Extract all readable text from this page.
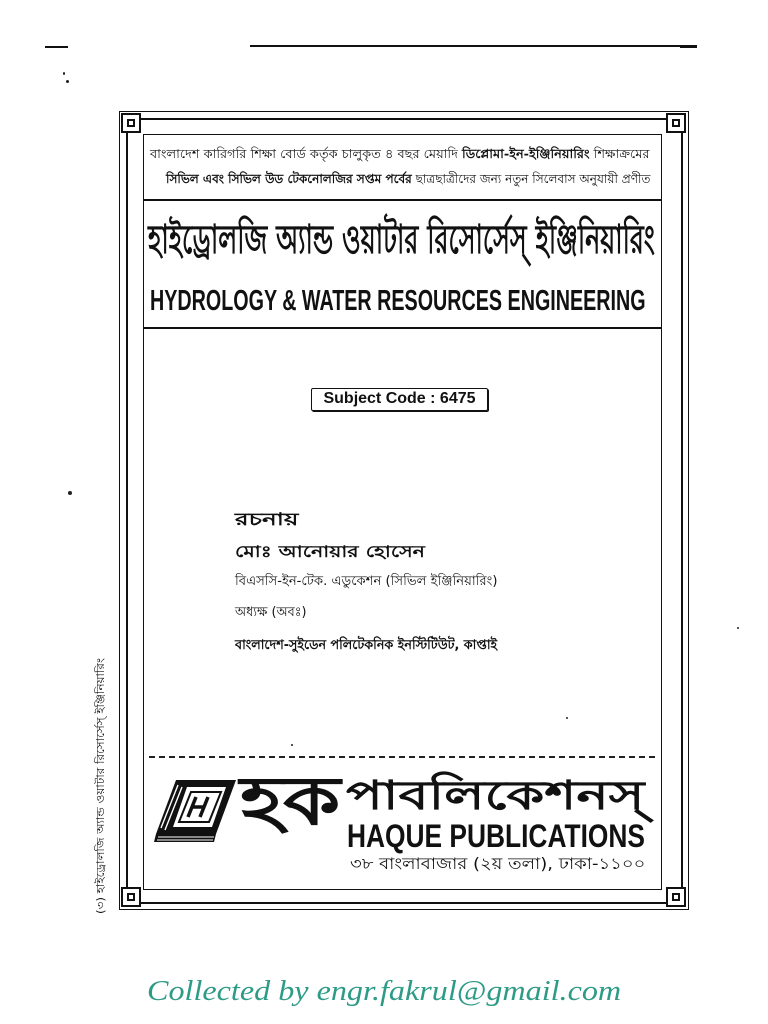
(৩) হাইড্রোলজি অ্যান্ড ওয়াটার রিসোর্সেস্ ইঞ্জিনিয়ারিং
বাংলাদেশ কারিগরি শিক্ষা বোর্ড কর্তৃক চালুকৃত ৪ বছর মেয়াদি ডিপ্লোমা-ইন-ইঞ্জিনিয়ারিং শিক্ষাক্রমের
সিভিল এবং সিভিল উড টেকনোলজির সপ্তম পর্বের ছাত্রছাত্রীদের জন্য নতুন সিলেবাস অনুযায়ী প্রণীত
হাইড্রোলজি অ্যান্ড ওয়াটার রিসোর্সেস্ ইঞ্জিনিয়ারিং
HYDROLOGY & WATER RESOURCES ENGINEERING
Subject Code : 6475
রচনায়
মোঃ আনোয়ার হোসেন
বিএসসি-ইন-টেক. এডুকেশন (সিভিল ইঞ্জিনিয়ারিং)
অধ্যক্ষ (অবঃ)
বাংলাদেশ-সুইডেন পলিটেকনিক ইনস্টিটিউট, কাপ্তাই
হক পাবলিকেশনস্
HAQUE PUBLICATIONS
৩৮ বাংলাবাজার (২য় তলা), ঢাকা-১১০০
Collected by engr.fakrul@gmail.com
